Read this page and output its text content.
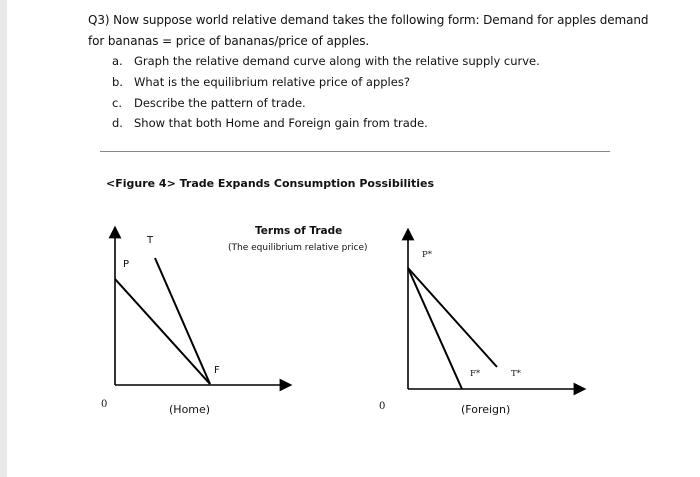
Q3) Now suppose world relative demand takes the following form: Demand for apples demand
for bananas = price of bananas/price of apples.
a. Graph the relative demand curve along with the relative supply curve.
b. What is the equilibrium relative price of apples?
c. Describe the pattern of trade.
d. Show that both Home and Foreign gain from trade.
<Figure 4> Trade Expands Consumption Possibilities
Terms of Trade
(The equilibrium relative price)
T
P
F
0	(Home)
P*
F*	T*
0	(Foreign)
